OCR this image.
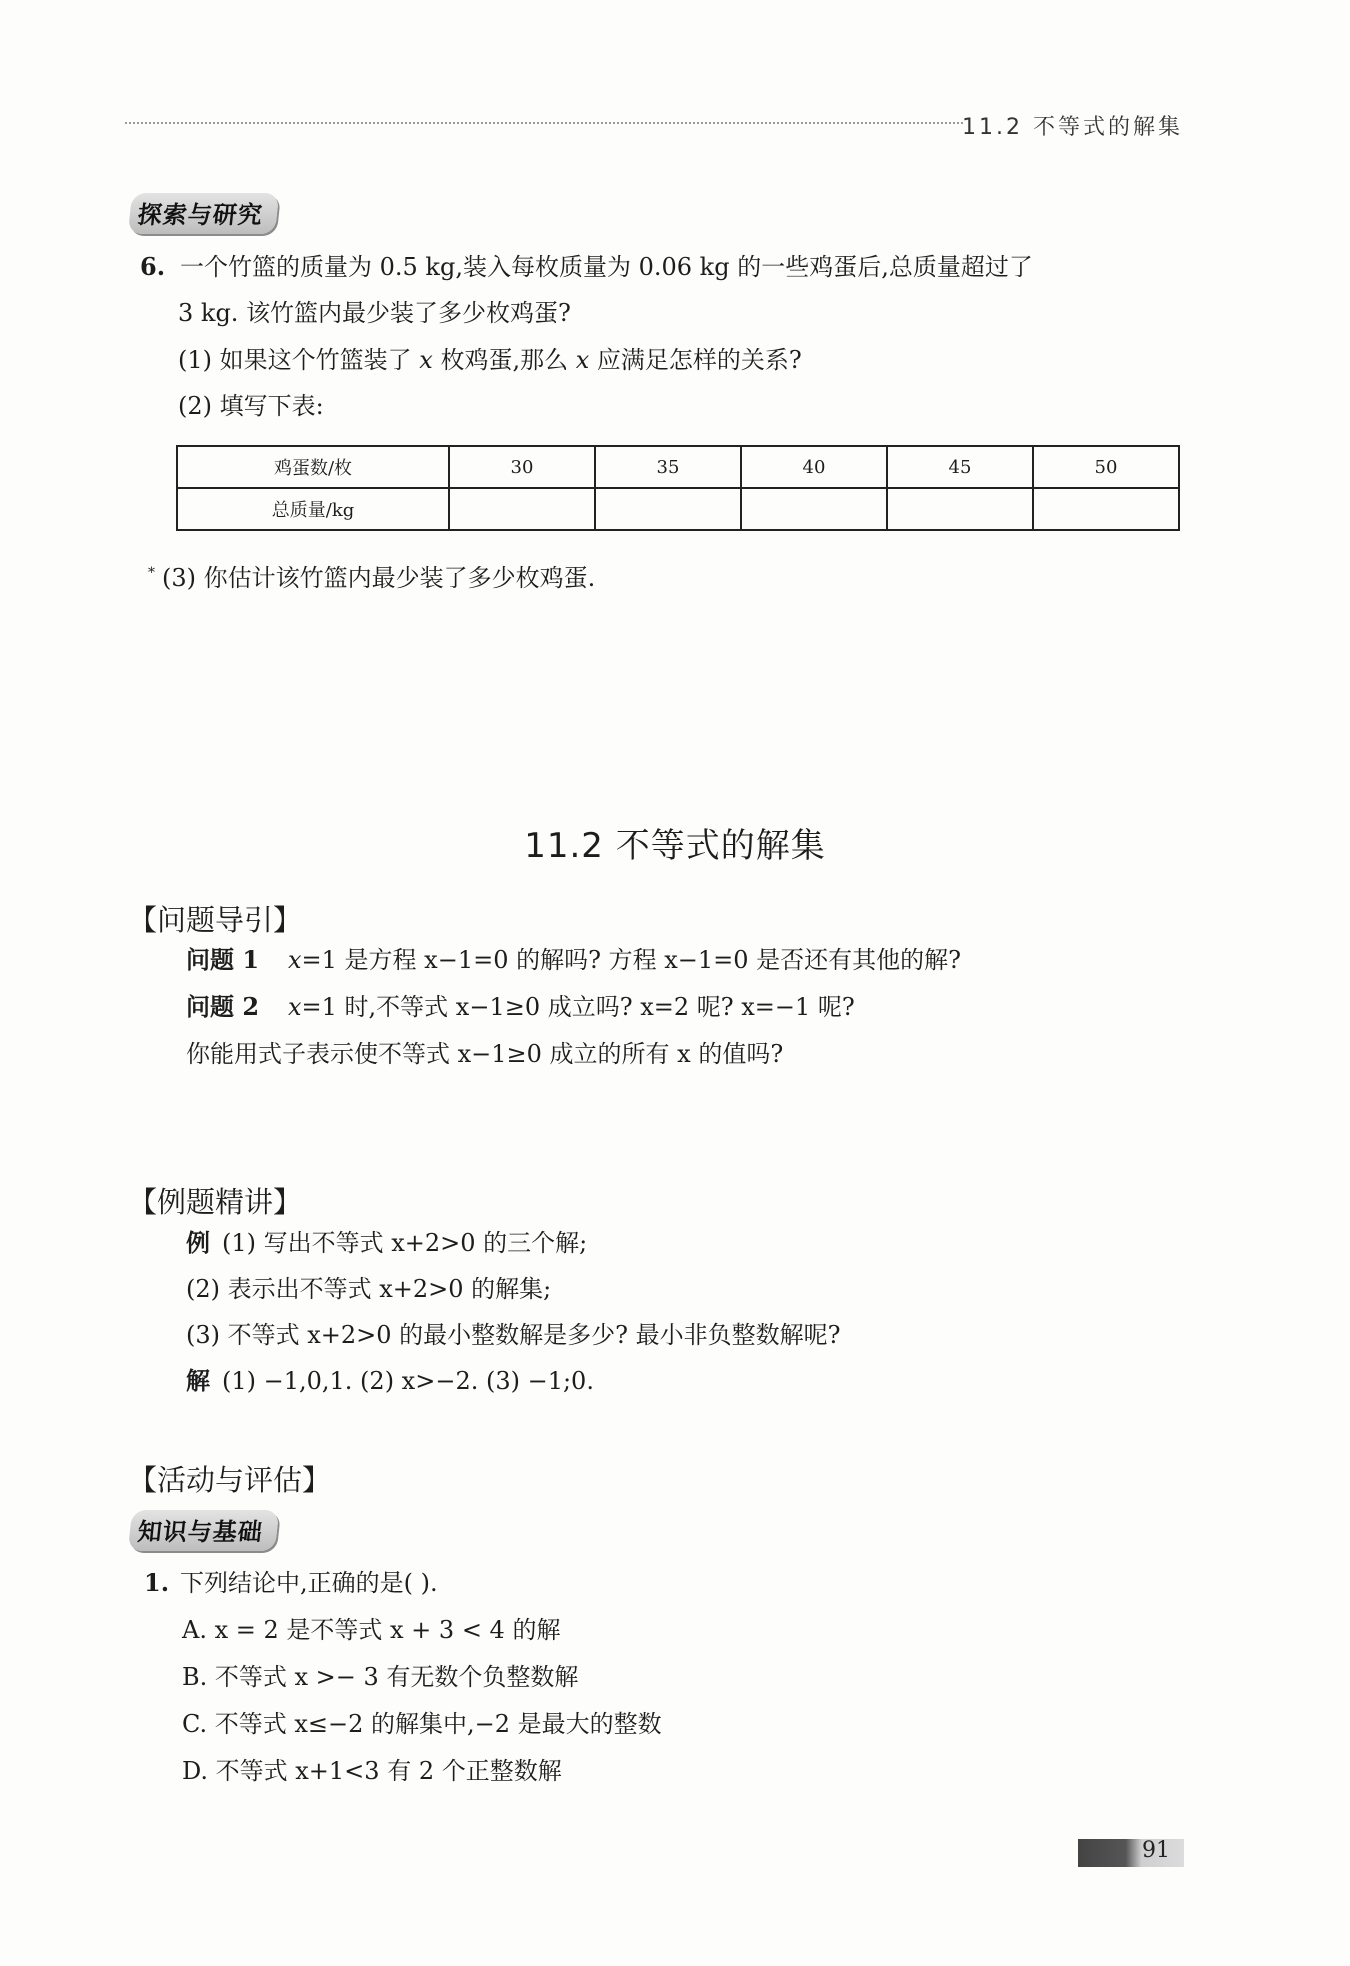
11.2 不等式的解集
探索与研究
6. 一个竹篮的质量为 0.5 kg,装入每枚质量为 0.06 kg 的一些鸡蛋后,总质量超过了
3 kg. 该竹篮内最少装了多少枚鸡蛋?
(1) 如果这个竹篮装了 x 枚鸡蛋,那么 x 应满足怎样的关系?
(2) 填写下表:
鸡蛋数/枚	30	35	40	45	50
总质量/kg					
* (3) 你估计该竹篮内最少装了多少枚鸡蛋.
11.2 不等式的解集
【问题导引】
问题 1 x=1 是方程 x−1=0 的解吗? 方程 x−1=0 是否还有其他的解?
问题 2 x=1 时,不等式 x−1≥0 成立吗? x=2 呢? x=−1 呢?
你能用式子表示使不等式 x−1≥0 成立的所有 x 的值吗?
【例题精讲】
例 (1) 写出不等式 x+2>0 的三个解;
(2) 表示出不等式 x+2>0 的解集;
(3) 不等式 x+2>0 的最小整数解是多少? 最小非负整数解呢?
解 (1) −1,0,1. (2) x>−2. (3) −1;0.
【活动与评估】
知识与基础
1. 下列结论中,正确的是( ).
A. x = 2 是不等式 x + 3 < 4 的解
B. 不等式 x >− 3 有无数个负整数解
C. 不等式 x≤−2 的解集中,−2 是最大的整数
D. 不等式 x+1<3 有 2 个正整数解
91
